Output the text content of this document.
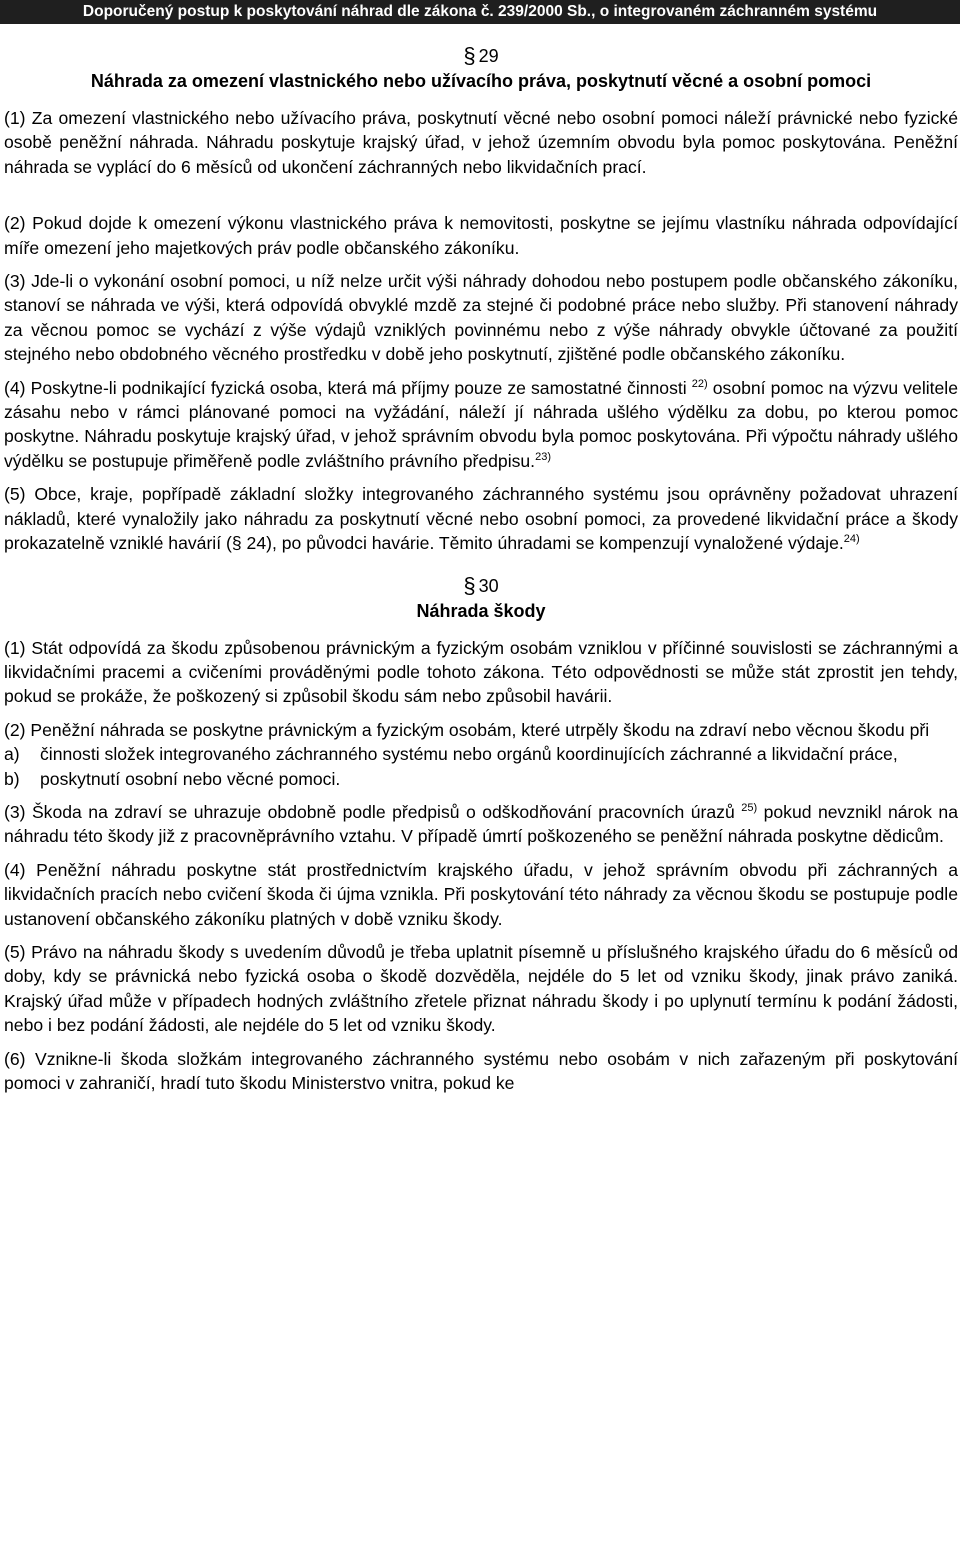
Doporučený postup k poskytování náhrad dle zákona č. 239/2000 Sb., o integrovaném záchranném systému
§ 29
Náhrada za omezení vlastnického nebo užívacího práva, poskytnutí věcné a osobní pomoci

(1) Za omezení vlastnického nebo užívacího práva, poskytnutí věcné nebo osobní pomoci náleží právnické nebo fyzické osobě peněžní náhrada. Náhradu poskytuje krajský úřad, v jehož územním obvodu byla pomoc poskytována. Peněžní náhrada se vyplácí do 6 měsíců od ukončení záchranných nebo likvidačních prací.

(2) Pokud dojde k omezení výkonu vlastnického práva k nemovitosti, poskytne se jejímu vlastníku náhrada odpovídající míře omezení jeho majetkových práv podle občanského zákoníku.

(3) Jde-li o vykonání osobní pomoci, u níž nelze určit výši náhrady dohodou nebo postupem podle občanského zákoníku, stanoví se náhrada ve výši, která odpovídá obvyklé mzdě za stejné či podobné práce nebo služby. Při stanovení náhrady za věcnou pomoc se vychází z výše výdajů vzniklých povinnému nebo z výše náhrady obvykle účtované za použití stejného nebo obdobného věcného prostředku v době jeho poskytnutí, zjištěné podle občanského zákoníku.

(4) Poskytne-li podnikající fyzická osoba, která má příjmy pouze ze samostatné činnosti $^{22)}$ osobní pomoc na výzvu velitele zásahu nebo v rámci plánované pomoci na vyžádání, náleží jí náhrada ušlého výdělku za dobu, po kterou pomoc poskytne. Náhradu poskytuje krajský úřad, v jehož správním obvodu byla pomoc poskytována. Při výpočtu náhrady ušlého výdělku se postupuje přiměřeně podle zvláštního právního předpisu.$^{23)}$

(5) Obce, kraje, popřípadě základní složky integrovaného záchranného systému jsou oprávněny požadovat uhrazení nákladů, které vynaložily jako náhradu za poskytnutí věcné nebo osobní pomoci, za provedené likvidační práce a škody prokazatelně vzniklé havárií (§ 24), po původci havárie. Těmito úhradami se kompenzují vynaložené výdaje.$^{24)}$

§ 30
Náhrada škody

(1) Stát odpovídá za škodu způsobenou právnickým a fyzickým osobám vzniklou v příčinné souvislosti se záchrannými a likvidačními pracemi a cvičeními prováděnými podle tohoto zákona. Této odpovědnosti se může stát zprostit jen tehdy, pokud se prokáže, že poškozený si způsobil škodu sám nebo způsobil havárii.

(2) Peněžní náhrada se poskytne právnickým a fyzickým osobám, které utrpěly škodu na zdraví nebo věcnou škodu při

a)	činnosti složek integrovaného záchranného systému nebo orgánů koordinujících záchranné a likvidační práce,
b)	poskytnutí osobní nebo věcné pomoci.

(3) Škoda na zdraví se uhrazuje obdobně podle předpisů o odškodňování pracovních úrazů $^{25)}$ pokud nevznikl nárok na náhradu této škody již z pracovněprávního vztahu. V případě úmrtí poškozeného se peněžní náhrada poskytne dědicům.

(4) Peněžní náhradu poskytne stát prostřednictvím krajského úřadu, v jehož správním obvodu při záchranných a likvidačních pracích nebo cvičení škoda či újma vznikla. Při poskytování této náhrady za věcnou škodu se postupuje podle ustanovení občanského zákoníku platných v době vzniku škody.

(5) Právo na náhradu škody s uvedením důvodů je třeba uplatnit písemně u příslušného krajského úřadu do 6 měsíců od doby, kdy se právnická nebo fyzická osoba o škodě dozvěděla, nejdéle do 5 let od vzniku škody, jinak právo zaniká. Krajský úřad může v případech hodných zvláštního zřetele přiznat náhradu škody i po uplynutí termínu k podání žádosti, nebo i bez podání žádosti, ale nejdéle do 5 let od vzniku škody.

(6) Vznikne-li škoda složkám integrovaného záchranného systému nebo osobám v nich zařazeným při poskytování pomoci v zahraničí, hradí tuto škodu Ministerstvo vnitra, pokud ke
